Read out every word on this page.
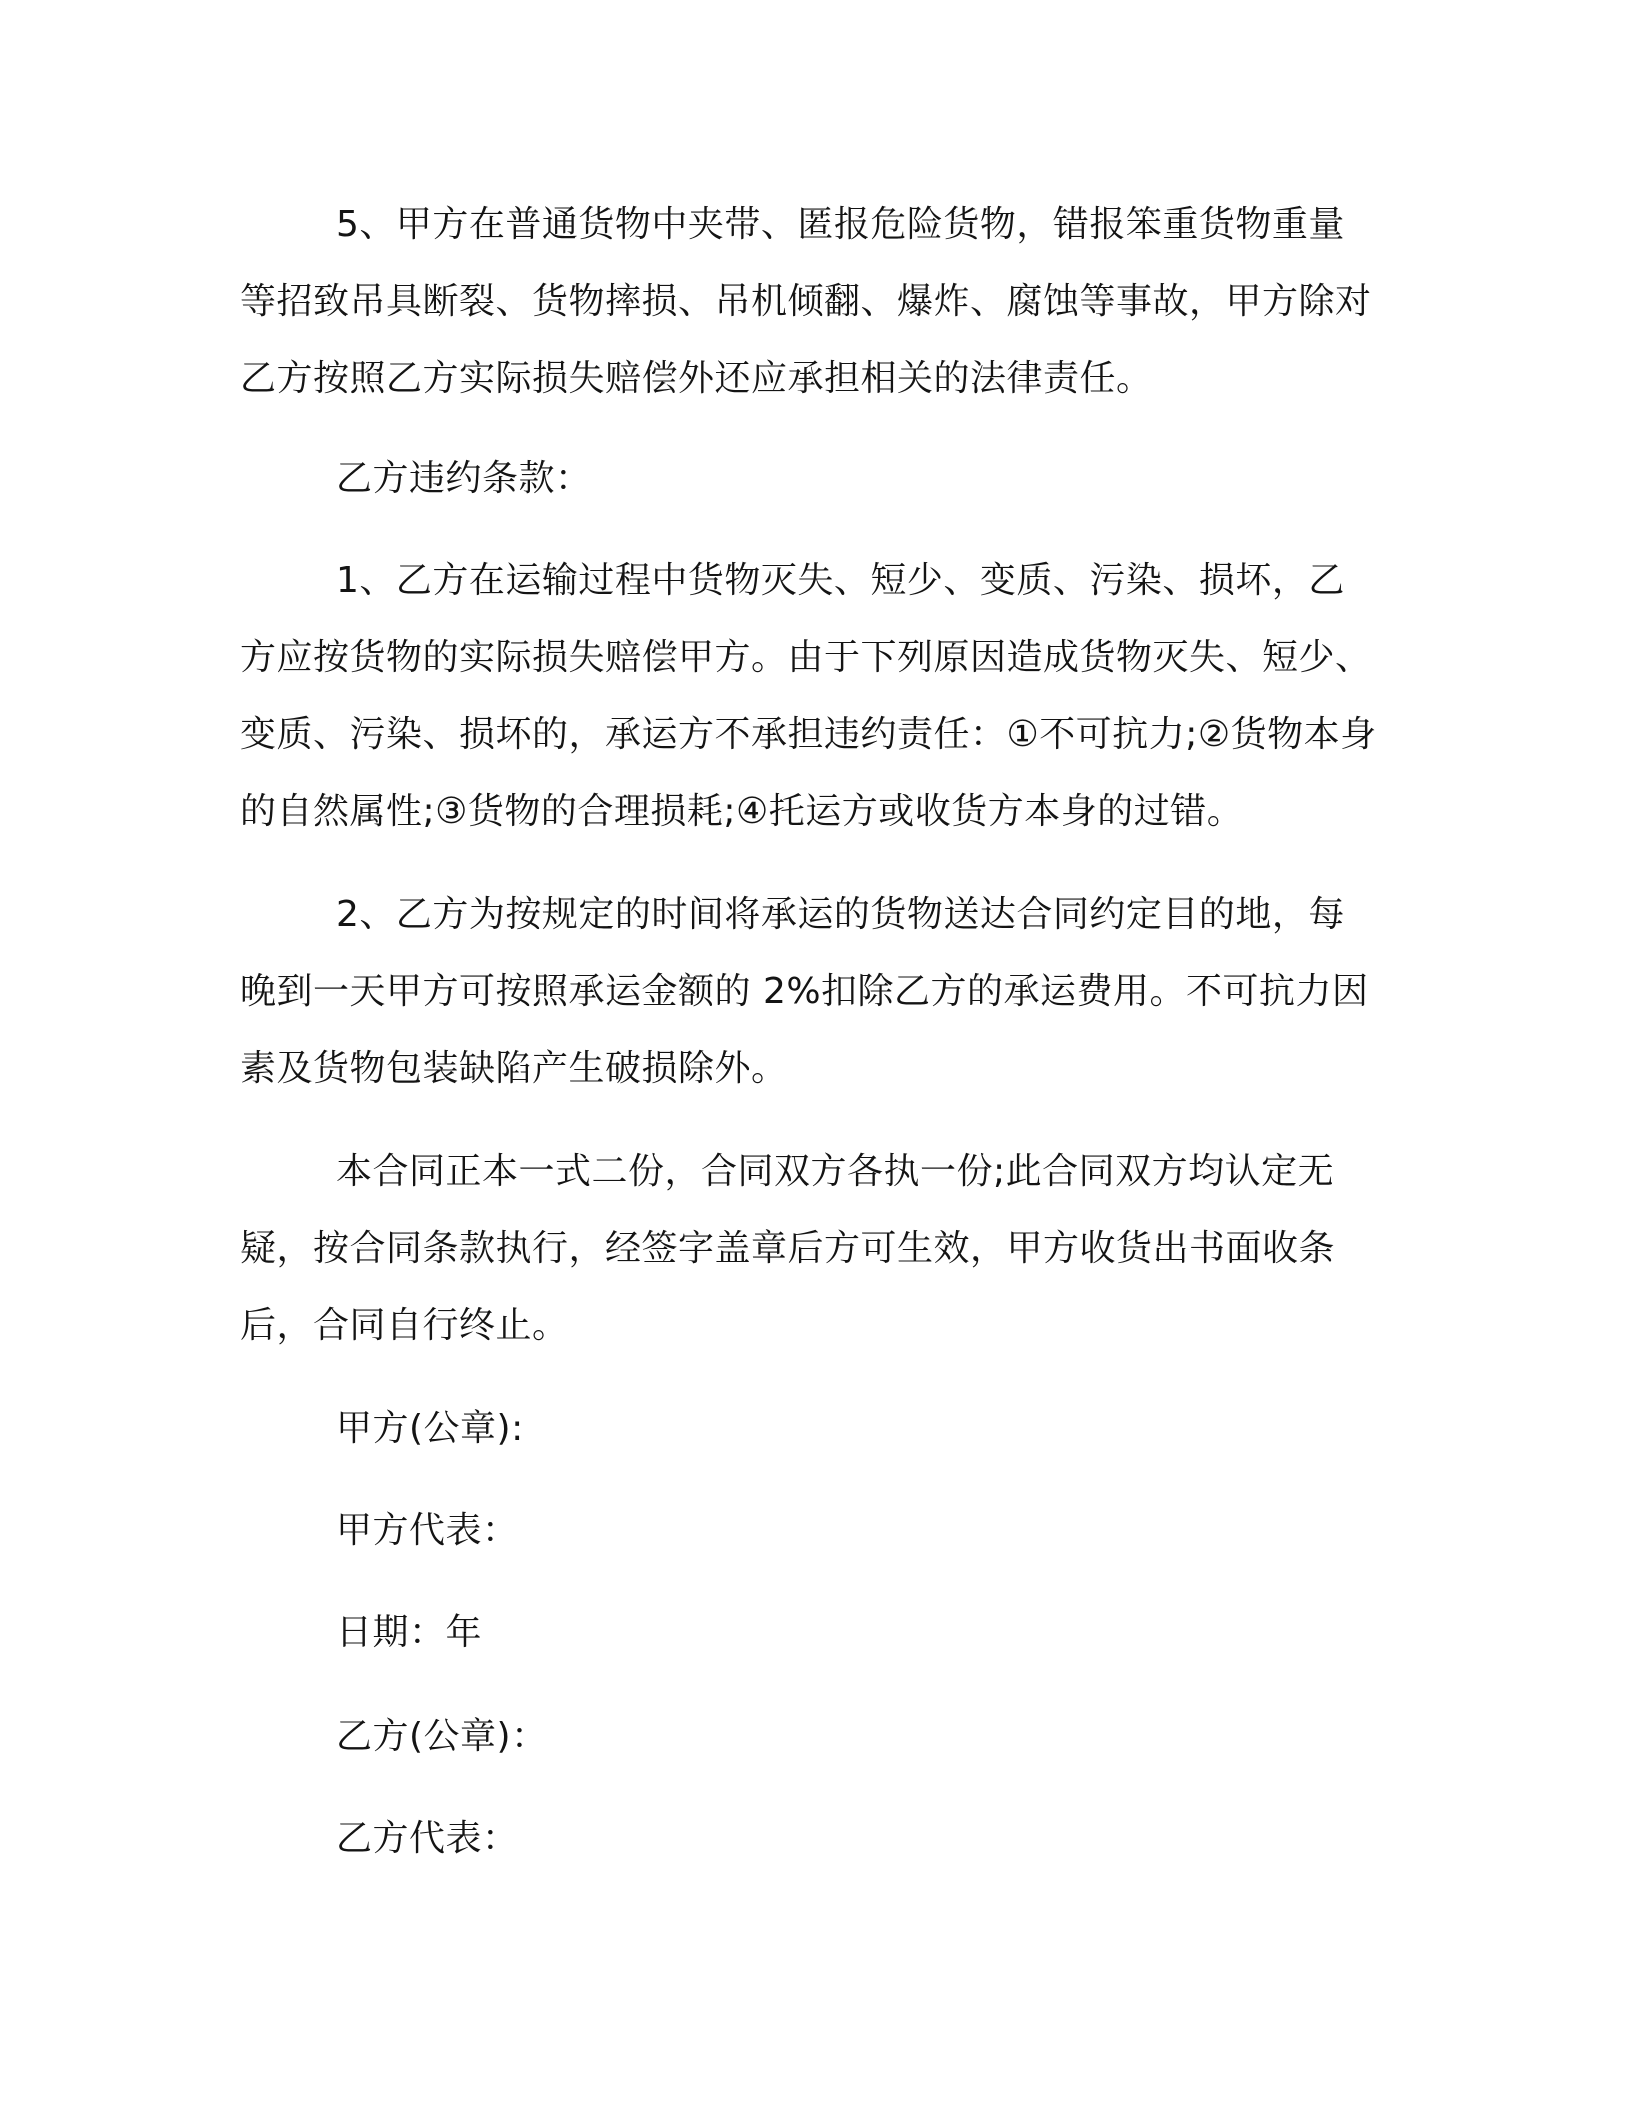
5、甲方在普通货物中夹带、匿报危险货物，错报笨重货物重量等招致吊具断裂、货物摔损、吊机倾翻、爆炸、腐蚀等事故，甲方除对乙方按照乙方实际损失赔偿外还应承担相关的法律责任。

乙方违约条款：

1、乙方在运输过程中货物灭失、短少、变质、污染、损坏，乙方应按货物的实际损失赔偿甲方。由于下列原因造成货物灭失、短少、变质、污染、损坏的，承运方不承担违约责任：①不可抗力;②货物本身的自然属性;③货物的合理损耗;④托运方或收货方本身的过错。

2、乙方为按规定的时间将承运的货物送达合同约定目的地，每晚到一天甲方可按照承运金额的 2%扣除乙方的承运费用。不可抗力因素及货物包装缺陷产生破损除外。

本合同正本一式二份，合同双方各执一份;此合同双方均认定无疑，按合同条款执行，经签字盖章后方可生效，甲方收货出书面收条后，合同自行终止。

甲方(公章):

甲方代表：

日期：年

乙方(公章)：

乙方代表：
